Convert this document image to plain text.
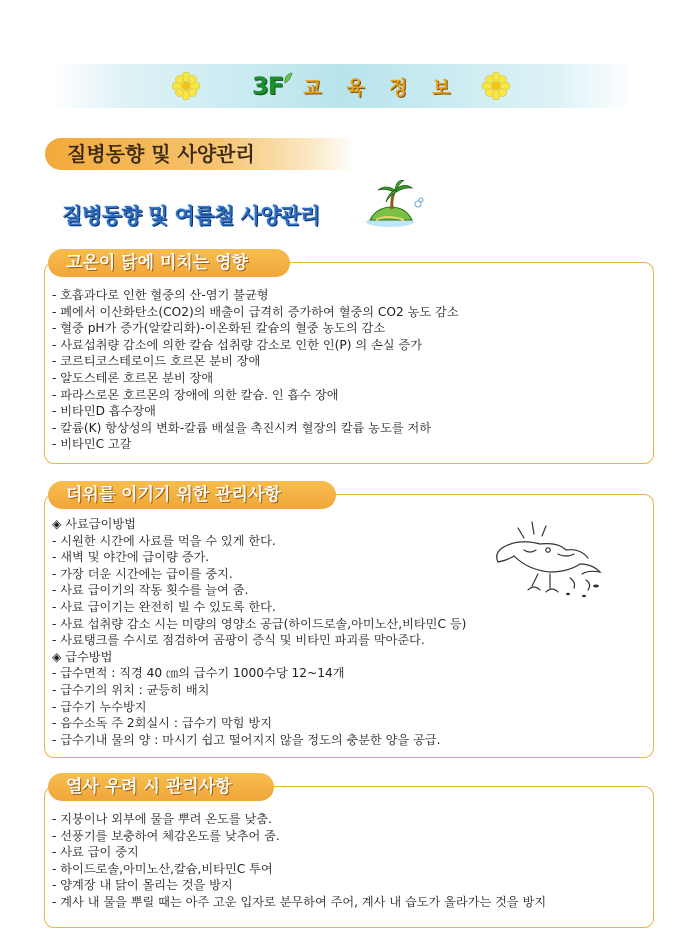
3F 교 육 정 보
질병동향 및 사양관리
질병동향 및 여름철 사양관리
고온이 닭에 미치는 영향
- 호흡과다로 인한 혈중의 산-염기 불균형
- 폐에서 이산화탄소(CO2)의 배출이 급격히 증가하여 혈중의 CO2 농도 감소
- 혈중 pH가 증가(알칼리화)-이온화된 칼슘의 혈중 농도의 감소
- 사료섭취량 감소에 의한 칼슘 섭취량 감소로 인한 인(P) 의 손실 증가
- 코르티코스테로이드 호르몬 분비 장애
- 알도스테론 호르몬 분비 장애
- 파라스로몬 호르몬의 장애에 의한 칼슘. 인 흡수 장애
- 비타민D 흡수장애
- 칼륨(K) 항상성의 변화-칼륨 배설을 촉진시켜 혈장의 칼륨 농도를 저하
- 비타민C 고갈
더위를 이기기 위한 관리사항
◈ 사료급이방법
- 시원한 시간에 사료를 먹을 수 있게 한다.
- 새벽 및 야간에 급이량 증가.
- 가장 더운 시간에는 급이를 중지.
- 사료 급이기의 작동 횟수를 늘여 줌.
- 사료 급이기는 완전히 빌 수 있도록 한다.
- 사료 섭취량 감소 시는 미량의 영양소 공급(하이드로솔,아미노산,비타민C 등)
- 사료탱크를 수시로 점검하여 곰팡이 증식 및 비타민 파괴를 막아준다.
◈ 급수방법
- 급수면적 : 직경 40 ㎝의 급수기 1000수당 12~14개
- 급수기의 위치 : 균등히 배치
- 급수기 누수방지
- 음수소독 주 2회실시 : 급수기 막힘 방지
- 급수기내 물의 양 : 마시기 쉽고 떨어지지 않을 정도의 충분한 양을 공급.
열사 우려 시 관리사항
- 지붕이나 외부에 물을 뿌려 온도를 낮춤.
- 선풍기를 보충하여 체감온도를 낮추어 줌.
- 사료 급이 중지
- 하이드로솔,아미노산,칼슘,비타민C 투여
- 양계장 내 닭이 몰리는 것을 방지
- 계사 내 물을 뿌릴 때는 아주 고운 입자로 분무하여 주어, 계사 내 습도가 올라가는 것을 방지
